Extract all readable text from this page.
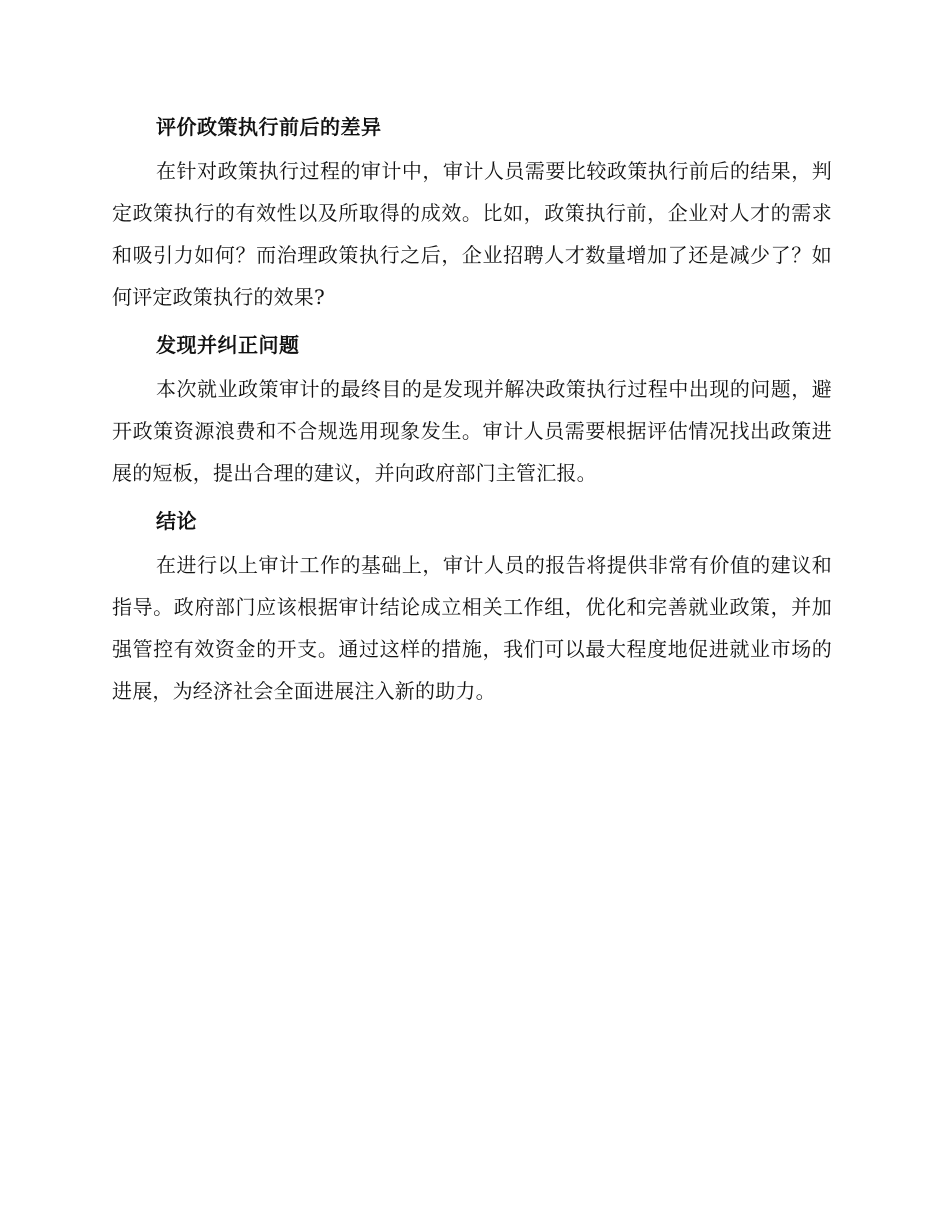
评价政策执行前后的差异

在针对政策执行过程的审计中，审计人员需要比较政策执行前后的结果，判定政策执行的有效性以及所取得的成效。比如，政策执行前，企业对人才的需求和吸引力如何？而治理政策执行之后，企业招聘人才数量增加了还是减少了？如何评定政策执行的效果?

发现并纠正问题

本次就业政策审计的最终目的是发现并解决政策执行过程中出现的问题，避开政策资源浪费和不合规选用现象发生。审计人员需要根据评估情况找出政策进展的短板，提出合理的建议，并向政府部门主管汇报。

结论

在进行以上审计工作的基础上，审计人员的报告将提供非常有价值的建议和指导。政府部门应该根据审计结论成立相关工作组，优化和完善就业政策，并加强管控有效资金的开支。通过这样的措施，我们可以最大程度地促进就业市场的进展，为经济社会全面进展注入新的助力。
